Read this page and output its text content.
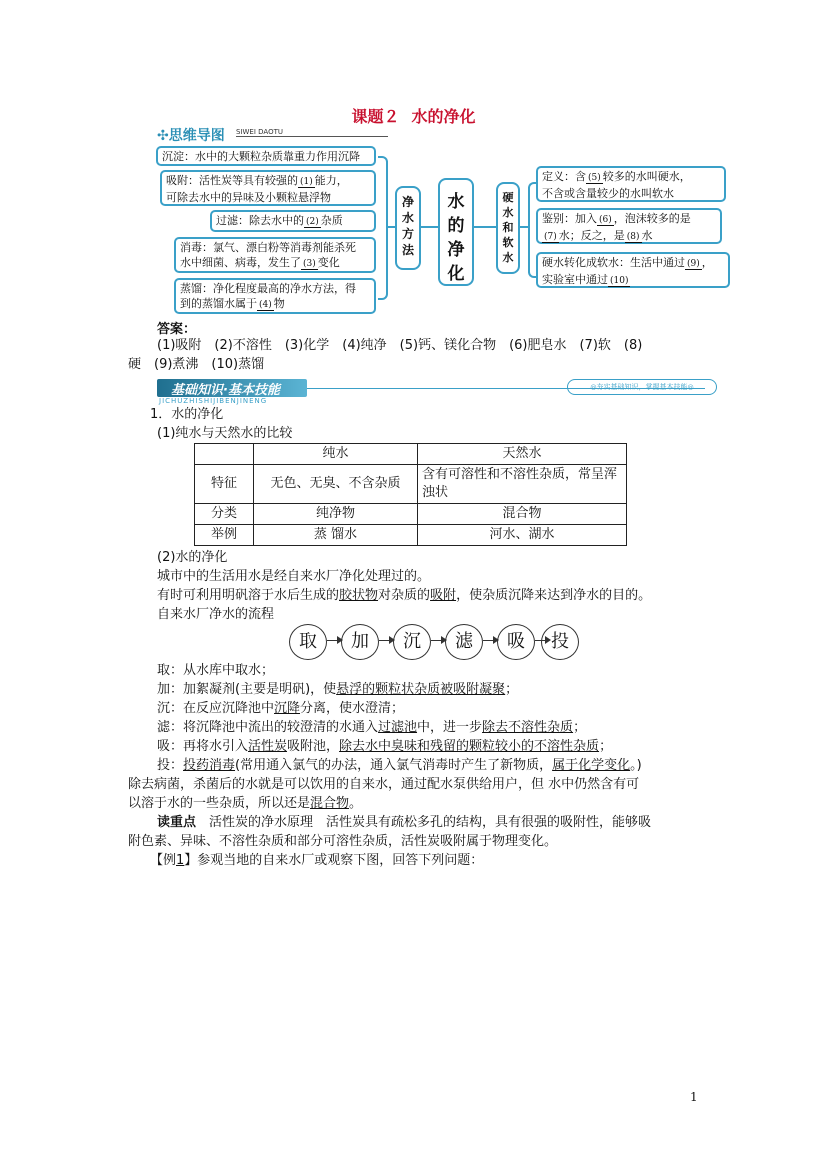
课题２ 水的净化
✣思维导图 SIWEI DAOTU
沉淀：水中的大颗粒杂质靠重力作用沉降
吸附：活性炭等具有较强的 (1) 能力，
可除去水中的异味及小颗粒悬浮物
过滤：除去水中的 (2) 杂质
消毒：氯气、漂白粉等消毒剂能杀死
水中细菌、病毒，发生了 (3) 变化
蒸馏：净化程度最高的净水方法，得
到的蒸馏水属于 (4) 物
净水方法
水的净化
硬水和软水
定义：含 (5) 较多的水叫硬水，
不含或含量较少的水叫软水
鉴别：加入 (6) ，泡沫较多的是
(7) 水；反之，是 (8) 水
硬水转化成软水：生活中通过 (9) ，
实验室中通过 (10)
答案：
(1)吸附　(2)不溶性　(3)化学　(4)纯净　(5)钙、镁化合物　(6)肥皂水　(7)软　(8)
硬　(9)煮沸　(10)蒸馏
基础知识·基本技能
JICHUZHISHIJIBENJINENG
◎夯实基础知识，掌握基本技能◎
1．水的净化
(1)纯水与天然水的比较
	纯水	天然水
特征	无色、无臭、不含杂质	含有可溶性和不溶性杂质，常呈浑浊状
分类	纯净物	混合物
举例	蒸 馏水	河水、湖水
(2)水的净化
城市中的生活用水是经自来水厂净化处理过的。
有时可利用明矾溶于水后生成的胶状物对杂质的吸附，使杂质沉降来达到净水的目的。
自来水厂净水的流程
取	加	沉	滤	吸	投
取：从水库中取水；
加：加絮凝剂(主要是明矾)，使悬浮的颗粒状杂质被吸附凝聚；
沉：在反应沉降池中沉降分离，使水澄清；
滤：将沉降池中流出的较澄清的水通入过滤池中，进一步除去不溶性杂质；
吸：再将水引入活性炭吸附池，除去水中臭味和残留的颗粒较小的不溶性杂质；
投：投药消毒(常用通入氯气的办法，通入氯气消毒时产生了新物质，属于化学变化。)
除去病菌，杀菌后的水就是可以饮用的自来水，通过配水泵供给用户，但 水中仍然含有可
以溶于水的一些杂质，所以还是混合物。
读重点　 活性炭的净水原理　活性炭具有疏松多孔的结构，具有很强的吸附性，能够吸
附色素、异味、不溶性杂质和部分可溶性杂质，活性炭吸附属于物理变化。
【例1】参观当地的自来水厂或观察下图，回答下列问题：
1
